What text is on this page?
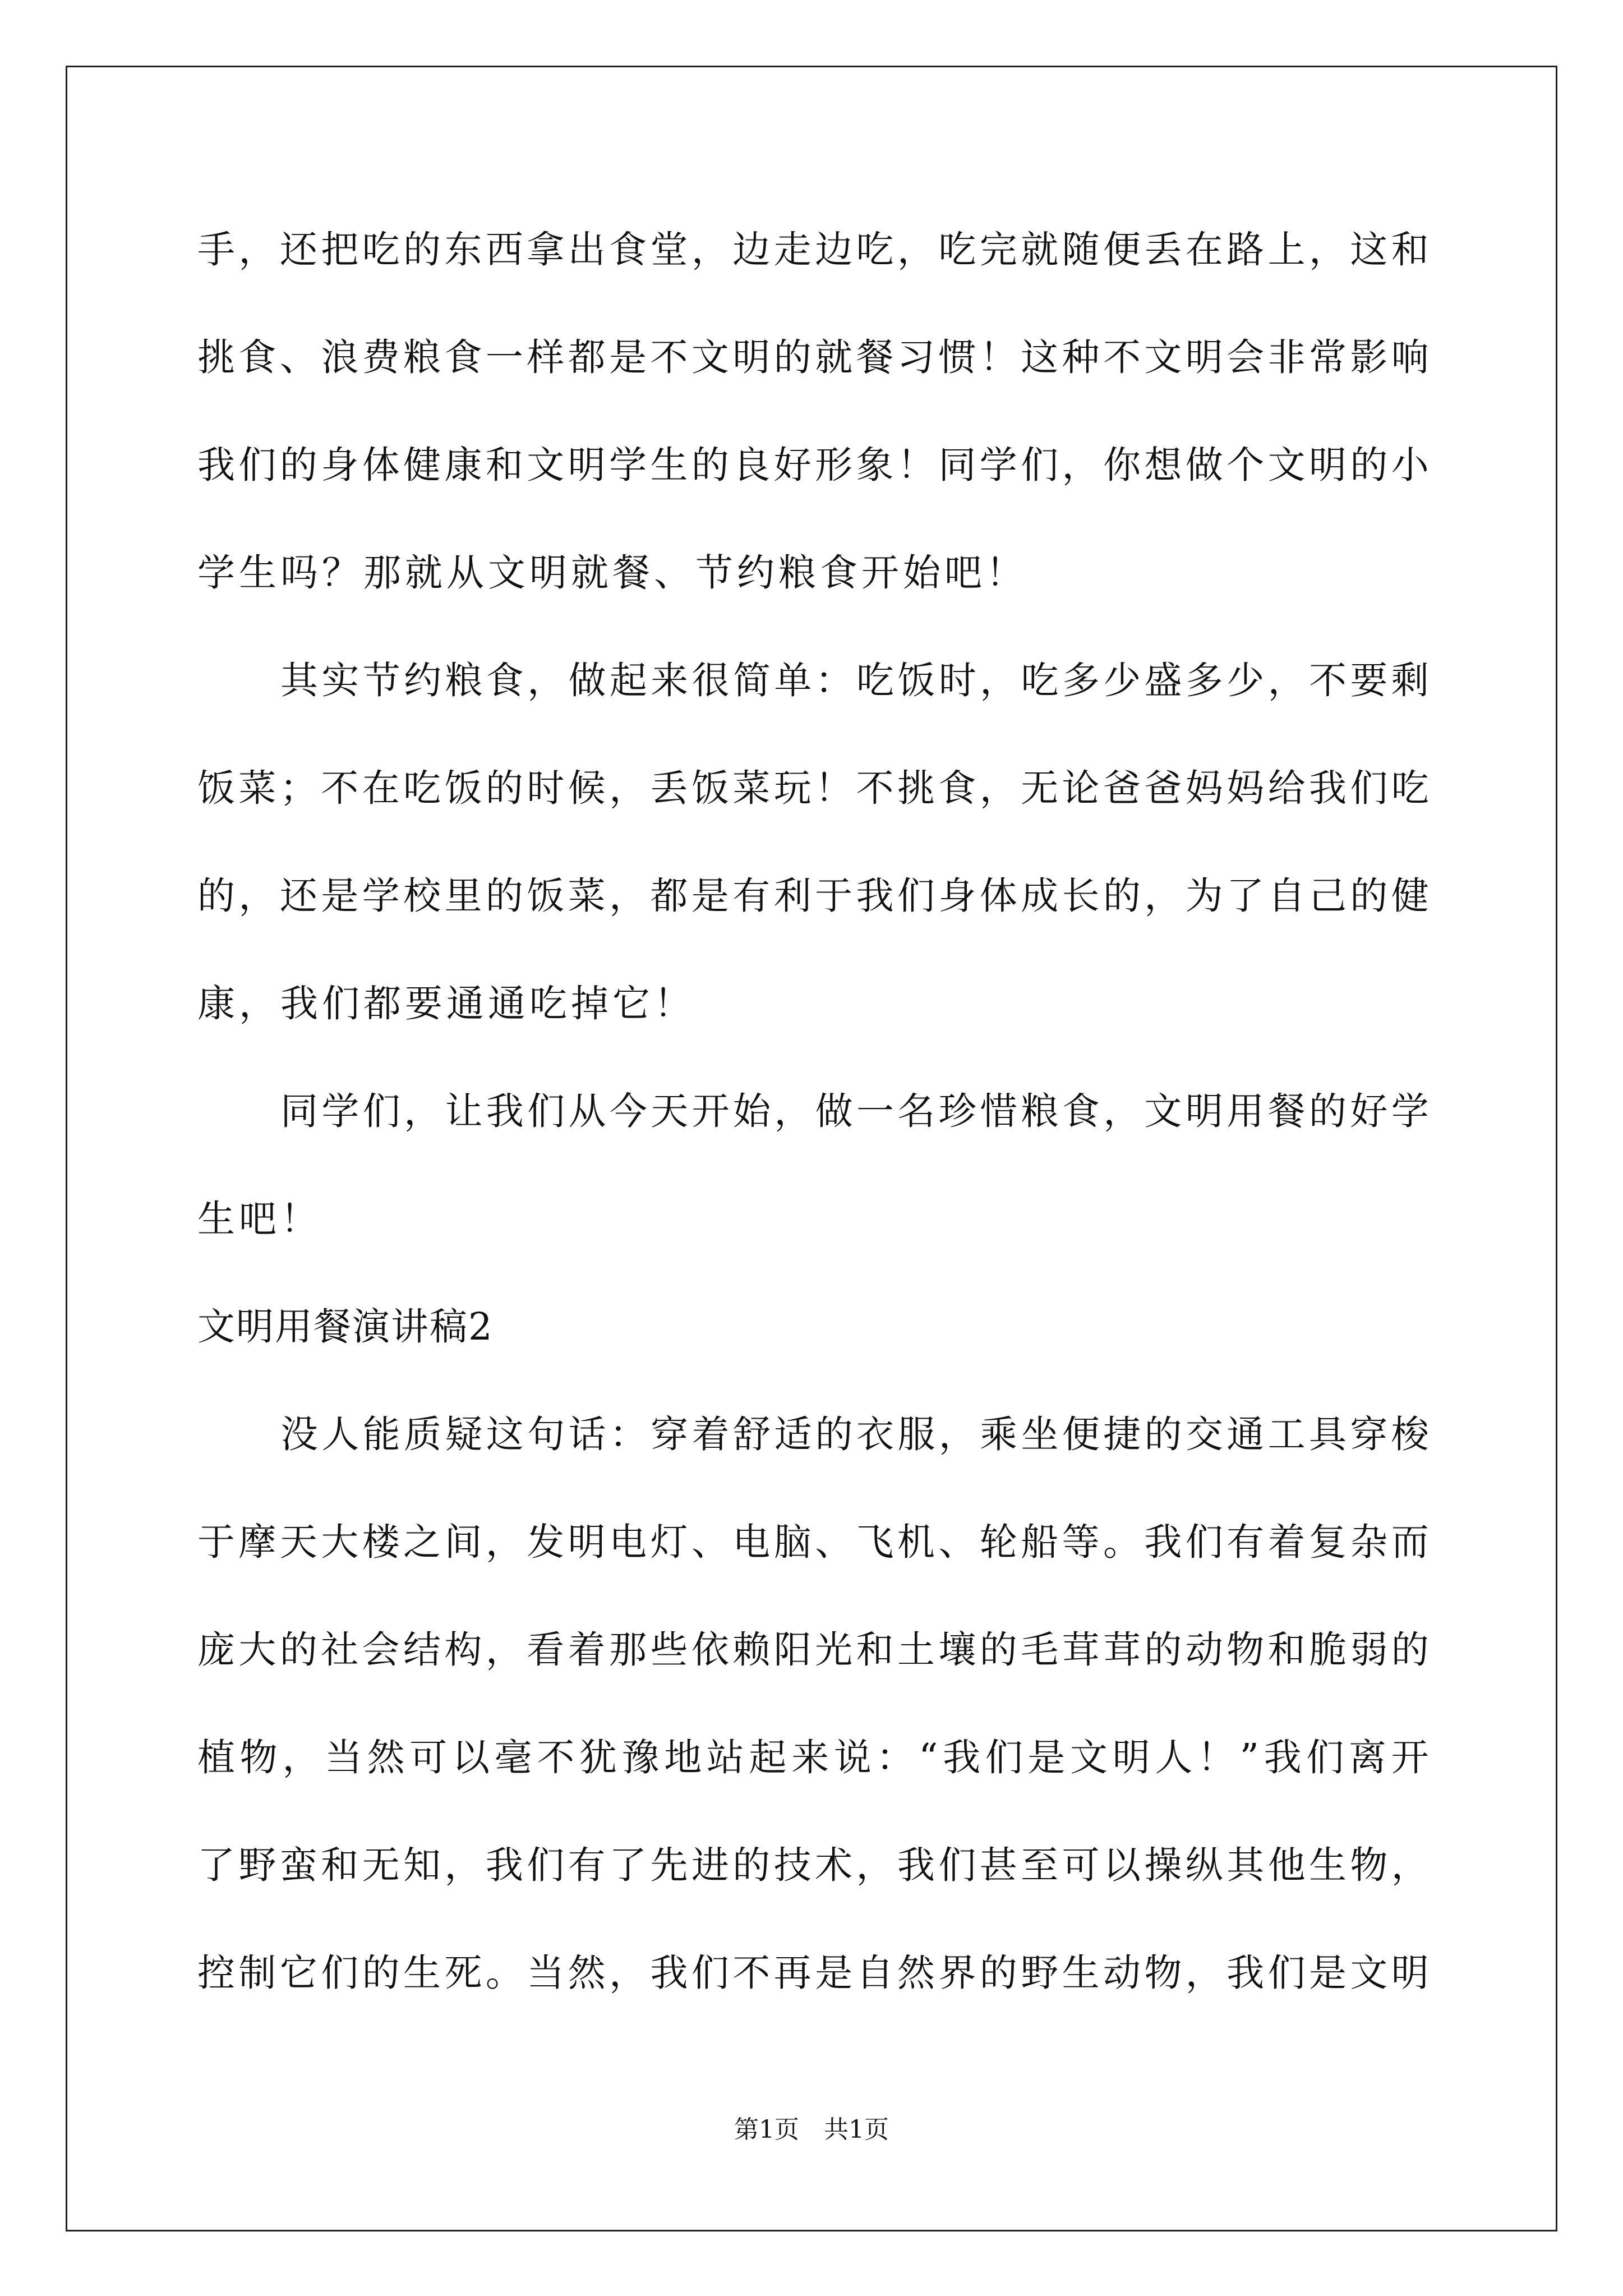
手 ， 还 把 吃 的 东 西 拿 出 食 堂 ， 边 走 边 吃 ， 吃 完 就 随 便 丢 在 路 上 ， 这 和
挑 食 、 浪 费 粮 食 一 样 都 是 不 文 明 的 就 餐 习 惯 ！ 这 种 不 文 明 会 非 常 影 响
我 们 的 身 体 健 康 和 文 明 学 生 的 良 好 形 象 ！ 同 学 们 ， 你 想 做 个 文 明 的 小
学生吗？那就从文明就餐、节约粮食开始吧！
其 实 节 约 粮 食 ， 做 起 来 很 简 单 ： 吃 饭 时 ， 吃 多 少 盛 多 少 ， 不 要 剩
饭 菜 ； 不 在 吃 饭 的 时 候 ， 丢 饭 菜 玩 ！ 不 挑 食 ， 无 论 爸 爸 妈 妈 给 我 们 吃
的 ， 还 是 学 校 里 的 饭 菜 ， 都 是 有 利 于 我 们 身 体 成 长 的 ， 为 了 自 己 的 健
康，我们都要通通吃掉它！
同 学 们 ， 让 我 们 从 今 天 开 始 ， 做 一 名 珍 惜 粮 食 ， 文 明 用 餐 的 好 学
生吧！
文明用餐演讲稿2
没 人 能 质 疑 这 句 话 ： 穿 着 舒 适 的 衣 服 ， 乘 坐 便 捷 的 交 通 工 具 穿 梭
于 摩 天 大 楼 之 间 ， 发 明 电 灯 、 电 脑 、 飞 机 、 轮 船 等 。 我 们 有 着 复 杂 而
庞 大 的 社 会 结 构 ， 看 着 那 些 依 赖 阳 光 和 土 壤 的 毛 茸 茸 的 动 物 和 脆 弱 的
植 物 ， 当 然 可 以 毫 不 犹 豫 地 站 起 来 说 ： “ 我 们 是 文 明 人 ！ ” 我 们 离 开
了 野 蛮 和 无 知 ， 我 们 有 了 先 进 的 技 术 ， 我 们 甚 至 可 以 操 纵 其 他 生 物 ，
控 制 它 们 的 生 死 。 当 然 ， 我 们 不 再 是 自 然 界 的 野 生 动 物 ， 我 们 是 文 明
第1页　共1页
